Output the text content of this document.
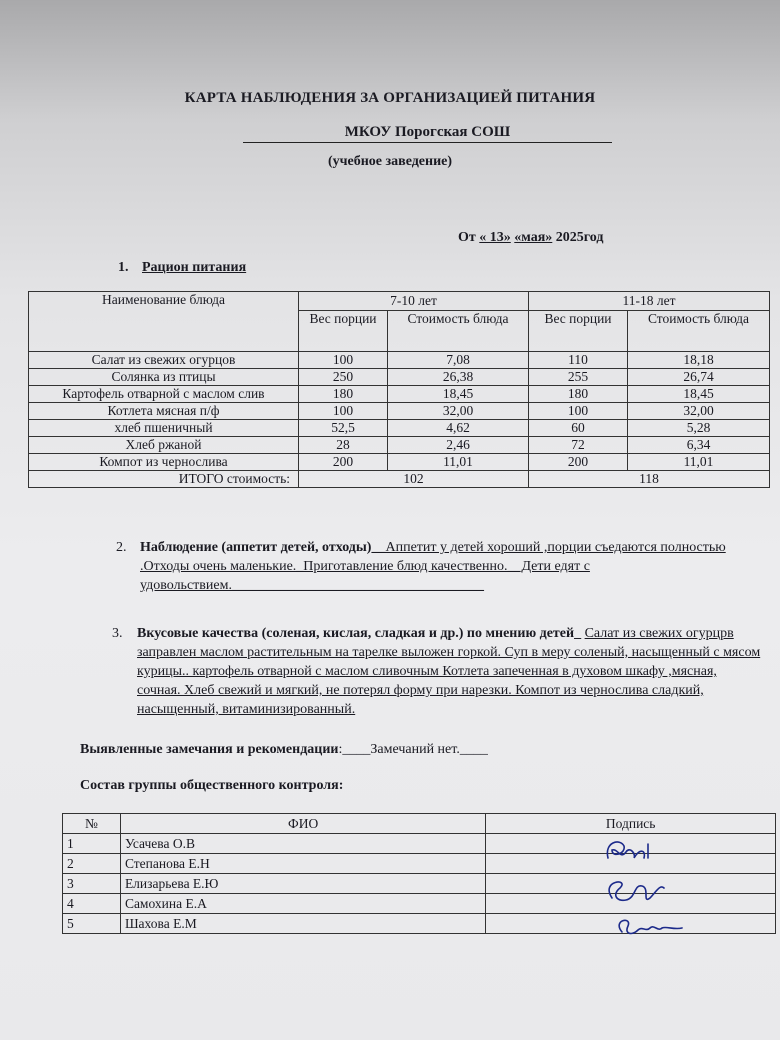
КАРТА НАБЛЮДЕНИЯ ЗА ОРГАНИЗАЦИЕЙ ПИТАНИЯ
МКОУ Порогская СОШ
(учебное заведение)
От « 13» «мая» 2025год
1. Рацион питания
Наименование блюда	7-10 лет		11-18 лет	
	Вес порции	Стоимость блюда	Вес порции	Стоимость блюда
Салат из свежих огурцов	100	7,08	110	18,18
Солянка из птицы	250	26,38	255	26,74
Картофель отварной с маслом слив	180	18,45	180	18,45
Котлета мясная п/ф	100	32,00	100	32,00
хлеб пшеничный	52,5	4,62	60	5,28
Хлеб ржаной	28	2,46	72	6,34
Компот из чернослива	200	11,01	200	11,01
ИТОГО стоимость:	102		118	
2. Наблюдение (аппетит детей, отходы)__Аппетит у детей хороший ,порции съедаются полностью .Отходы очень маленькие._Приготавление блюд качественно.__Дети едят с удовольствием.____________________________________
3. Вкусовые качества (соленая, кислая, сладкая и др.) по мнению детей_ Салат из свежих огурцрв заправлен маслом растительным на тарелке выложен горкой. Суп в меру соленый, насыщенный с мясом курицы.. картофель отварной с маслом сливочным Котлета запеченная в духовом шкафу ,мясная, сочная. Хлеб свежий и мягкий, не потерял форму при нарезки. Компот из чернослива сладкий, насыщенный, витаминизированный.
Выявленные замечания и рекомендации:____Замечаний нет.____
Состав группы общественного контроля:
№	ФИО	Подпись
1	Усачева О.В	
2	Степанова Е.Н	
3	Елизарьева Е.Ю	
4	Самохина Е.А	
5	Шахова Е.М	
